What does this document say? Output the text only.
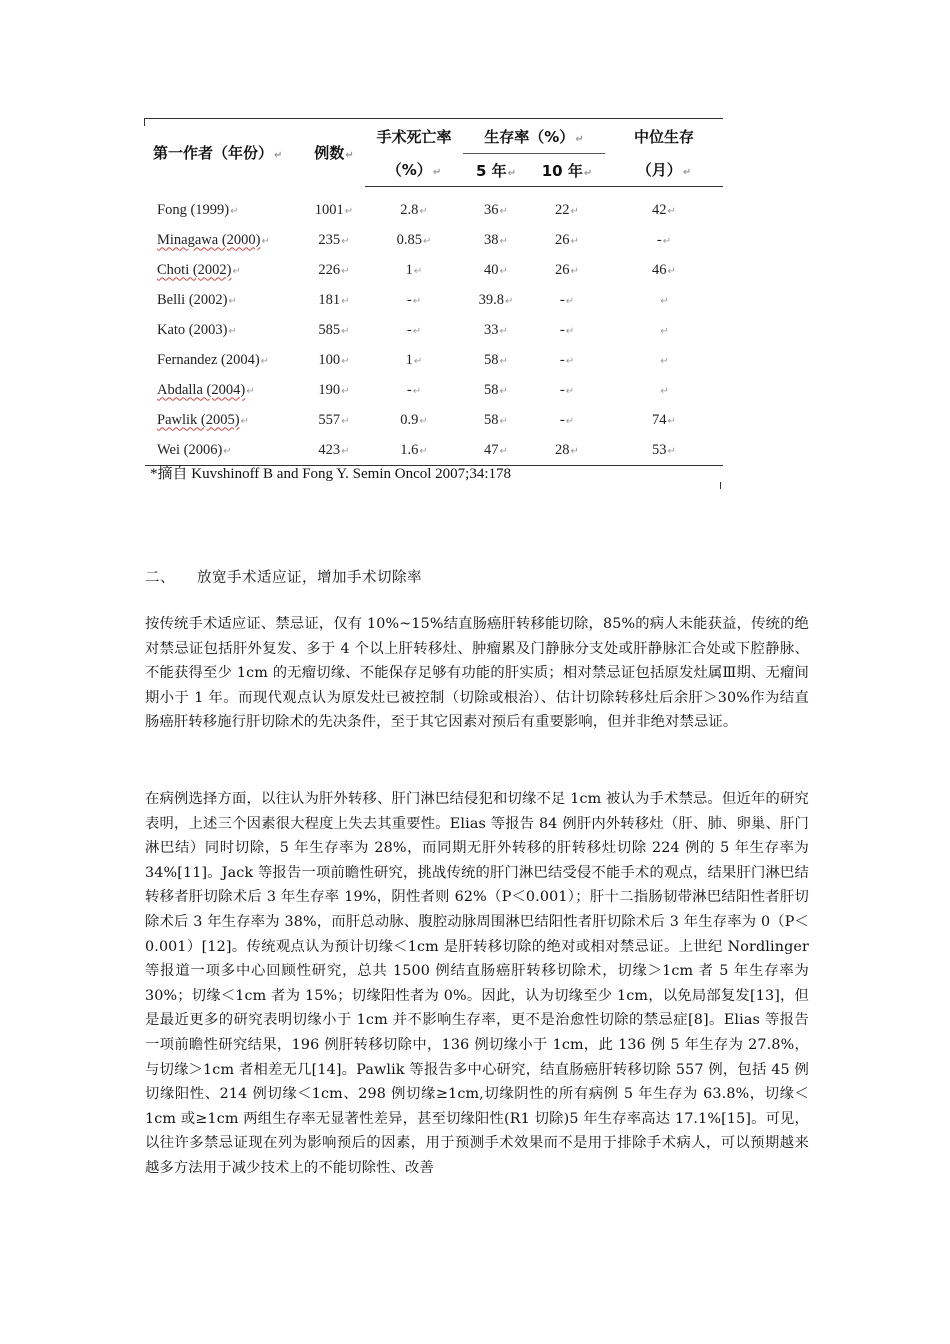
第一作者（年份）↵	例数↵	手术死亡率	生存率（%）↵		中位生存
		（%）↵	5 年↵	10 年↵	（月）↵

Fong (1999)↵	1001↵	2.8↵	36↵	22↵	42↵
Minagawa (2000)↵	235↵	0.85↵	38↵	26↵	-↵
Choti (2002)↵	226↵	1↵	40↵	26↵	46↵
Belli (2002)↵	181↵	-↵	39.8↵	-↵	↵
Kato (2003)↵	585↵	-↵	33↵	-↵	↵
Fernandez (2004)↵	100↵	1↵	58↵	-↵	↵
Abdalla (2004)↵	190↵	-↵	58↵	-↵	↵
Pawlik (2005)↵	557↵	0.9↵	58↵	-↵	74↵
Wei (2006)↵	423↵	1.6↵	47↵	28↵	53↵
*摘自 Kuvshinoff B and Fong Y. Semin Oncol 2007;34:178
二、 放宽手术适应证，增加手术切除率
按传统手术适应证、禁忌证，仅有 10%~15%结直肠癌肝转移能切除，85%的病人未能获益，传统的绝对禁忌证包括肝外复发、多于 4 个以上肝转移灶、肿瘤累及门静脉分支处或肝静脉汇合处或下腔静脉、不能获得至少 1cm 的无瘤切缘、不能保存足够有功能的肝实质；相对禁忌证包括原发灶属Ⅲ期、无瘤间期小于 1 年。而现代观点认为原发灶已被控制（切除或根治）、估计切除转移灶后余肝＞30%作为结直肠癌肝转移施行肝切除术的先决条件，至于其它因素对预后有重要影响，但并非绝对禁忌证。
在病例选择方面，以往认为肝外转移、肝门淋巴结侵犯和切缘不足 1cm 被认为手术禁忌。但近年的研究表明，上述三个因素很大程度上失去其重要性。Elias 等报告 84 例肝内外转移灶（肝、肺、卵巢、肝门淋巴结）同时切除，5 年生存率为 28%，而同期无肝外转移的肝转移灶切除 224 例的 5 年生存率为 34%[11]。Jack 等报告一项前瞻性研究，挑战传统的肝门淋巴结受侵不能手术的观点，结果肝门淋巴结转移者肝切除术后 3 年生存率 19%，阴性者则 62%（P＜0.001）；肝十二指肠韧带淋巴结阳性者肝切除术后 3 年生存率为 38%，而肝总动脉、腹腔动脉周围淋巴结阳性者肝切除术后 3 年生存率为 0（P＜0.001）[12]。传统观点认为预计切缘＜1cm 是肝转移切除的绝对或相对禁忌证。上世纪 Nordlinger 等报道一项多中心回顾性研究，总共 1500 例结直肠癌肝转移切除术，切缘＞1cm 者 5 年生存率为 30%；切缘＜1cm 者为 15%；切缘阳性者为 0%。因此，认为切缘至少 1cm，以免局部复发[13]，但是最近更多的研究表明切缘小于 1cm 并不影响生存率，更不是治愈性切除的禁忌症[8]。Elias 等报告一项前瞻性研究结果，196 例肝转移切除中，136 例切缘小于 1cm，此 136 例 5 年生存为 27.8%，与切缘＞1cm 者相差无几[14]。Pawlik 等报告多中心研究，结直肠癌肝转移切除 557 例，包括 45 例切缘阳性、214 例切缘＜1cm、298 例切缘≥1cm,切缘阴性的所有病例 5 年生存为 63.8%，切缘＜1cm 或≥1cm 两组生存率无显著性差异，甚至切缘阳性(R1 切除)5 年生存率高达 17.1%[15]。可见，以往许多禁忌证现在列为影响预后的因素，用于预测手术效果而不是用于排除手术病人，可以预期越来越多方法用于减少技术上的不能切除性、改善
